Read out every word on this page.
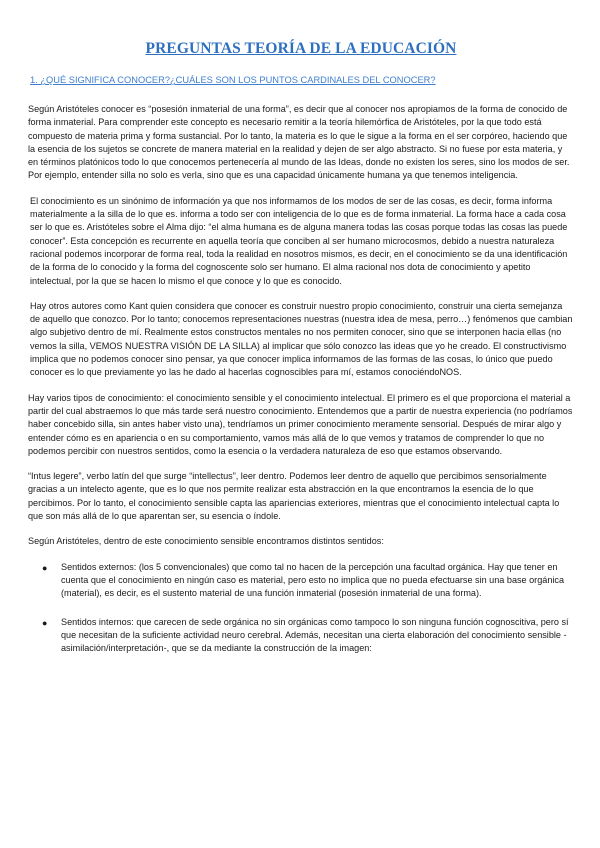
PREGUNTAS TEORÍA DE LA EDUCACIÓN
1. ¿QUÉ SIGNIFICA CONOCER?¿CUÁLES SON LOS PUNTOS CARDINALES DEL CONOCER?

Según Aristóteles conocer es “posesión inmaterial de una forma”, es decir que al conocer nos apropiamos de la forma de conocido de forma inmaterial. Para comprender este concepto es necesario remitir a la teoría hilemórfica de Aristóteles, por la que todo está compuesto de materia prima y forma sustancial. Por lo tanto, la materia es lo que le sigue a la forma en el ser corpóreo, haciendo que la esencia de los sujetos se concrete de manera material en la realidad y dejen de ser algo abstracto. Si no fuese por esta materia, y en términos platónicos todo lo que conocemos pertenecería al mundo de las Ideas, donde no existen los seres, sino los modos de ser. Por ejemplo, entender silla no solo es verla, sino que es una capacidad únicamente humana ya que tenemos inteligencia.

El conocimiento es un sinónimo de información ya que nos informamos de los modos de ser de las cosas, es decir, forma informa materialmente a la silla de lo que es. informa a todo ser con inteligencia de lo que es de forma inmaterial. La forma hace a cada cosa ser lo que es. Aristóteles sobre el Alma dijo: “el alma humana es de alguna manera todas las cosas porque todas las cosas las puede conocer”. Esta concepción es recurrente en aquella teoría que conciben al ser humano microcosmos, debido a nuestra naturaleza racional podemos incorporar de forma real, toda la realidad en nosotros mismos, es decir, en el conocimiento se da una identificación de la forma de lo conocido y la forma del cognoscente solo ser humano. El alma racional nos dota de conocimiento y apetito intelectual, por la que se hacen lo mismo el que conoce y lo que es conocido.

Hay otros autores como Kant quien considera que conocer es construir nuestro propio conocimiento, construir una cierta semejanza de aquello que conozco. Por lo tanto; conocemos representaciones nuestras (nuestra idea de mesa, perro…) fenómenos que cambian algo subjetivo dentro de mí. Realmente estos constructos mentales no nos permiten conocer, sino que se interponen hacia ellas (no vemos la silla, VEMOS NUESTRA VISIÓN DE LA SILLA) al implicar que sólo conozco las ideas que yo he creado. El constructivismo implica que no podemos conocer sino pensar, ya que conocer implica informamos de las formas de las cosas, lo único que puedo conocer es lo que previamente yo las he dado al hacerlas cognoscibles para mí, estamos conociéndoNOS.

Hay varios tipos de conocimiento: el conocimiento sensible y el conocimiento intelectual. El primero es el que proporciona el material a partir del cual abstraemos lo que más tarde será nuestro conocimiento. Entendemos que a partir de nuestra experiencia (no podríamos haber concebido silla, sin antes haber visto una), tendríamos un primer conocimiento meramente sensorial. Después de mirar algo y entender cómo es en apariencia o en su comportamiento, vamos más allá de lo que vemos y tratamos de comprender lo que no podemos percibir con nuestros sentidos, como la esencia o la verdadera naturaleza de eso que estamos observando.

“Intus legere”, verbo latín del que surge “intellectus”, leer dentro. Podemos leer dentro de aquello que percibimos sensorialmente gracias a un intelecto agente, que es lo que nos permite realizar esta abstracción en la que encontramos la esencia de lo que percibimos. Por lo tanto, el conocimiento sensible capta las apariencias exteriores, mientras que el conocimiento intelectual capta lo que son más allá de lo que aparentan ser, su esencia o índole.

Según Aristóteles, dentro de este conocimiento sensible encontramos distintos sentidos:

● Sentidos externos: (los 5 convencionales) que como tal no hacen de la percepción una facultad orgánica. Hay que tener en cuenta que el conocimiento en ningún caso es material, pero esto no implica que no pueda efectuarse sin una base orgánica (material), es decir, es el sustento material de una función inmaterial (posesión inmaterial de una forma).
● Sentidos internos: que carecen de sede orgánica no sin orgánicas como tampoco lo son ninguna función cognoscitiva, pero sí que necesitan de la suficiente actividad neuro cerebral. Además, necesitan una cierta elaboración del conocimiento sensible - asimilación/interpretación-, que se da mediante la construcción de la imagen:
